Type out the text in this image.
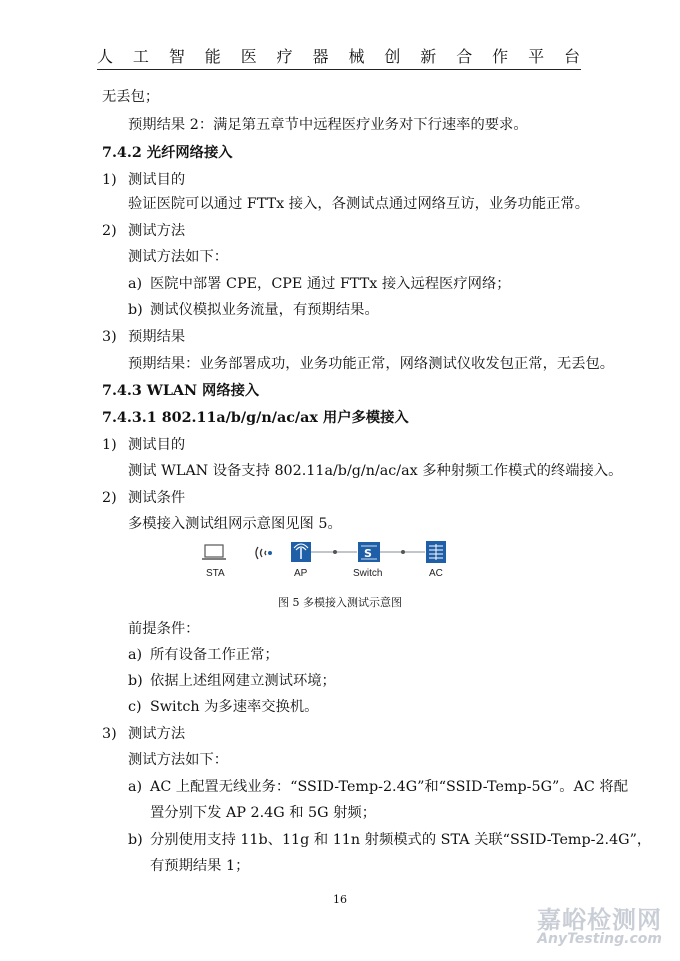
人 工 智 能 医 疗 器 械 创 新 合 作 平 台
无丢包；
预期结果 2：满足第五章节中远程医疗业务对下行速率的要求。
7.4.2 光纤网络接入
1) 测试目的
验证医院可以通过 FTTx 接入，各测试点通过网络互访，业务功能正常。
2) 测试方法
测试方法如下：
a) 医院中部署 CPE，CPE 通过 FTTx 接入远程医疗网络；
b) 测试仪模拟业务流量，有预期结果。
3) 预期结果
预期结果：业务部署成功，业务功能正常，网络测试仪收发包正常，无丢包。
7.4.3 WLAN 网络接入
7.4.3.1 802.11a/b/g/n/ac/ax 用户多模接入
1) 测试目的
测试 WLAN 设备支持 802.11a/b/g/n/ac/ax 多种射频工作模式的终端接入。
2) 测试条件
多模接入测试组网示意图见图 5。
S
STA	AP	Switch	AC
图 5 多模接入测试示意图
前提条件：
a) 所有设备工作正常；
b) 依据上述组网建立测试环境；
c) Switch 为多速率交换机。
3) 测试方法
测试方法如下：
a) AC 上配置无线业务：“SSID-Temp-2.4G”和“SSID-Temp-5G”。AC 将配
置分别下发 AP 2.4G 和 5G 射频；
b) 分别使用支持 11b、11g 和 11n 射频模式的 STA 关联“SSID-Temp-2.4G”，
有预期结果 1；
16
嘉峪检测网
AnyTesting.com
